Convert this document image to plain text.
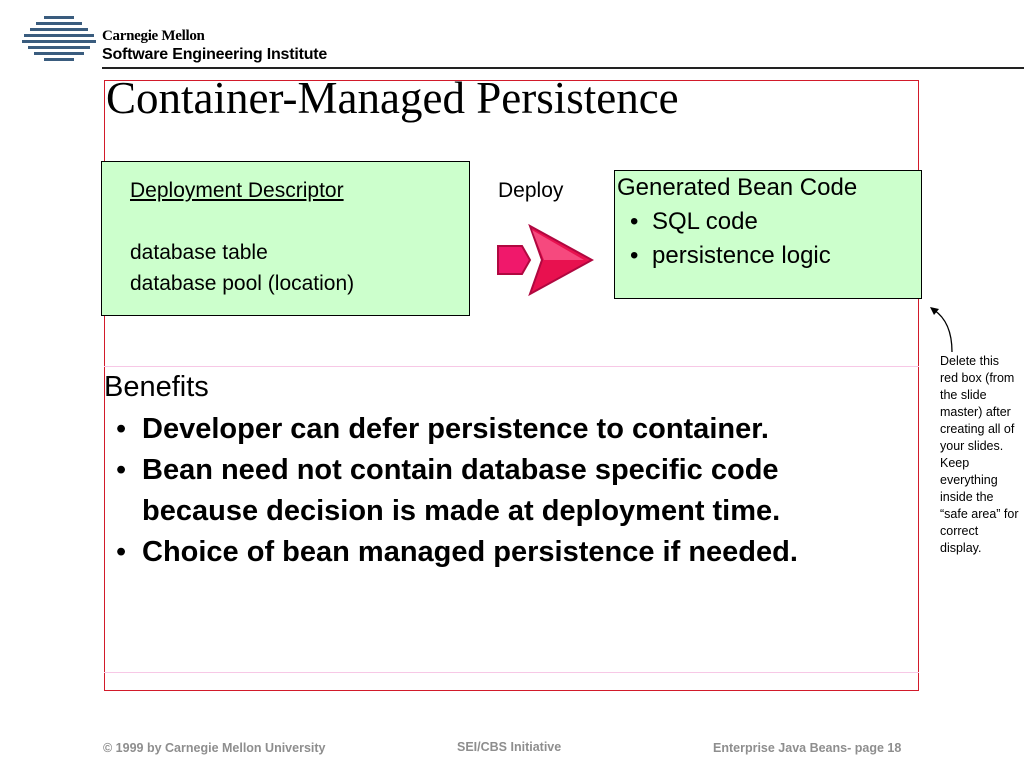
Carnegie Mellon
Software Engineering Institute
Container-Managed Persistence
Deployment Descriptor
database table
database pool (location)
Deploy Generated Bean Code
• SQL code
• persistence logic
Benefits
• Developer can defer persistence to container.
• Bean need not contain database specific code
because decision is made at deployment time.
• Choice of bean managed persistence if needed.
Delete this red box (from the slide master) after creating all of your slides. Keep everything inside the “safe area” for correct display.
© 1999 by Carnegie Mellon University	SEI/CBS Initiative	Enterprise Java Beans- page 18
